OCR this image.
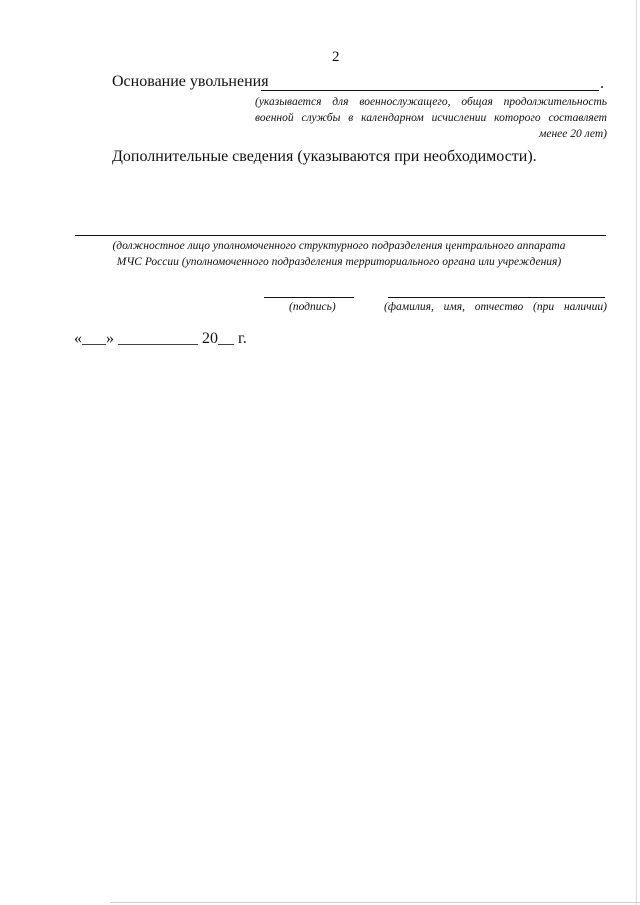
2
Основание увольнения	.
(указывается для военнослужащего, общая продолжительность военной службы в календарном исчислении которого составляет менее 20 лет)
Дополнительные сведения (указываются при необходимости).
(должностное лицо уполномоченного структурного подразделения центрального аппарата МЧС России (уполномоченного подразделения территориального органа или учреждения)
(подпись)	(фамилия, имя, отчество (при наличии)
«___» __________ 20__ г.
